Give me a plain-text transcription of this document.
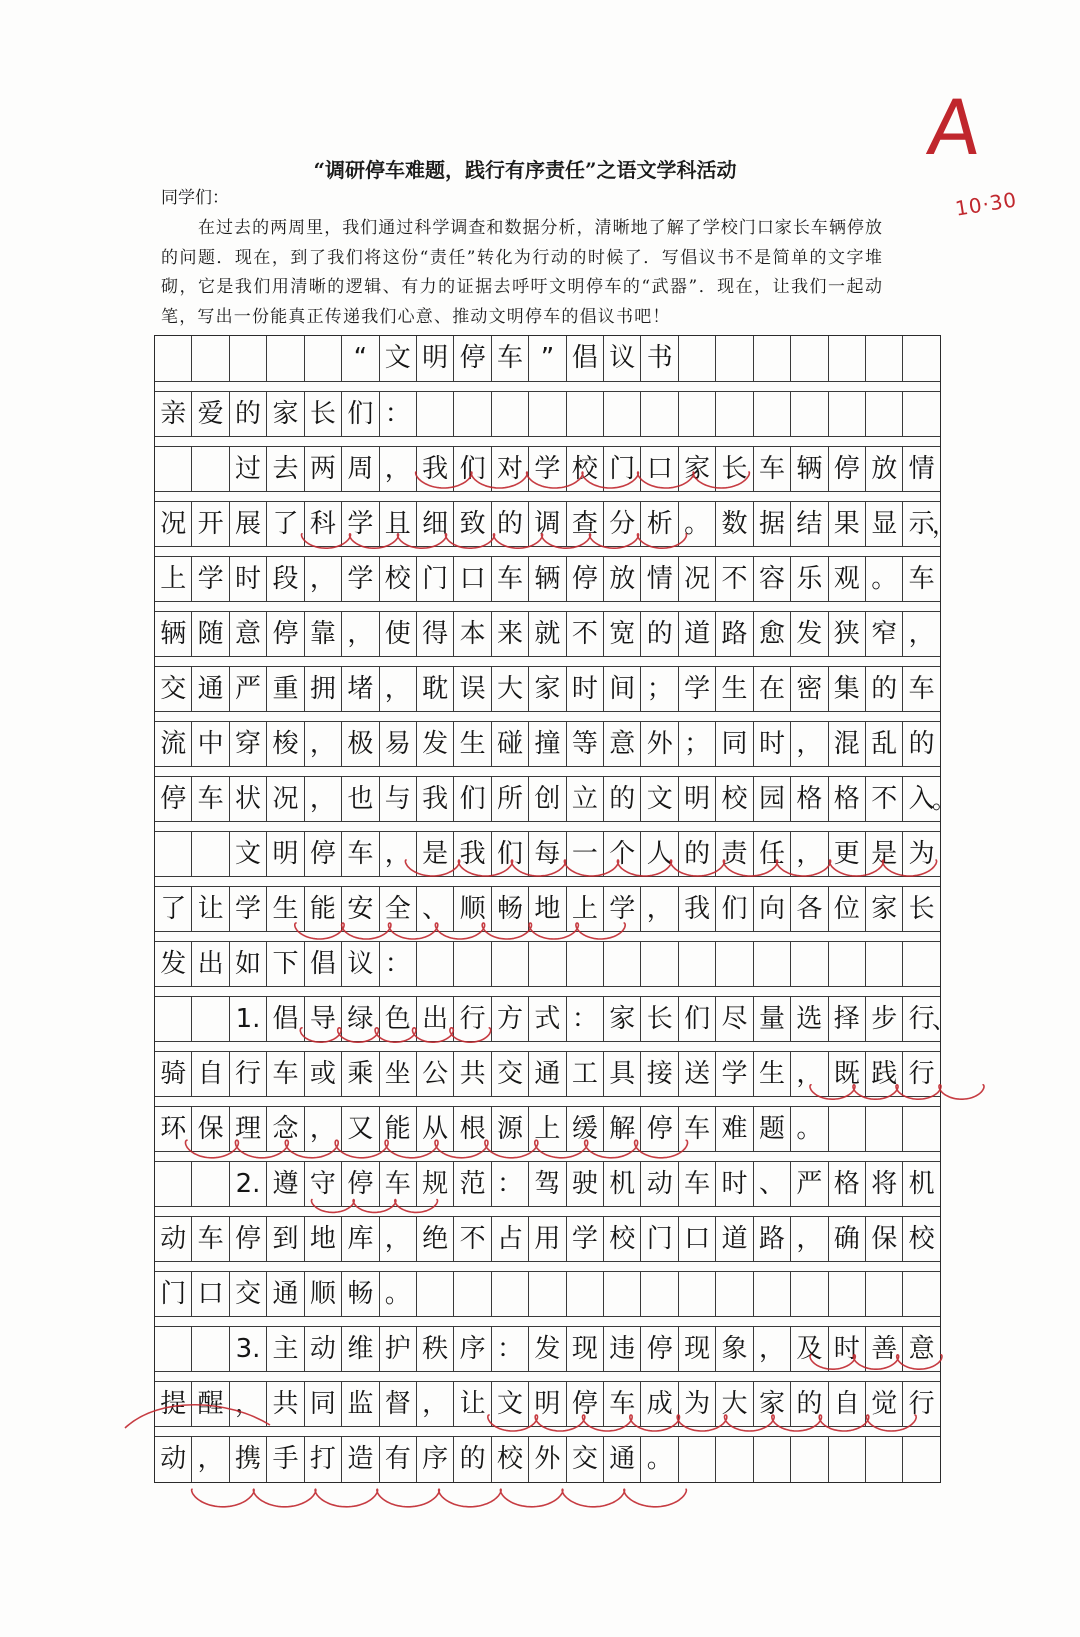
“调研停车难题，践行有序责任”之语文学科活动
同学们：
在过去的两周里，我们通过科学调查和数据分析，清晰地了解了学校门口家长车辆停放
的问题．现在，到了我们将这份“责任”转化为行动的时候了．写倡议书不是简单的文字堆
砌，它是我们用清晰的逻辑、有力的证据去呼吁文明停车的“武器”．现在，让我们一起动
笔，写出一份能真正传递我们心意、推动文明停车的倡议书吧！
A
10·30
“ 文 明 停 车 ” 倡 议 书
亲 爱 的 家 长 们 ：
过 去 两 周 ， 我 们 对 学 校 门 口 家 长 车 辆 停 放 情
况 开 展 了 科 学 且 细 致 的 调 查 分 析 。 数 据 结 果 显 示
，
上 学 时 段 ， 学 校 门 口 车 辆 停 放 情 况 不 容 乐 观 。 车
辆 随 意 停 靠 ， 使 得 本 来 就 不 宽 的 道 路 愈 发 狭 窄 ，
交 通 严 重 拥 堵 ， 耽 误 大 家 时 间 ； 学 生 在 密 集 的 车
流 中 穿 梭 ， 极 易 发 生 碰 撞 等 意 外 ； 同 时 ， 混 乱 的
停 车 状 况 ， 也 与 我 们 所 创 立 的 文 明 校 园 格 格 不 入
。
文 明 停 车 ， 是 我 们 每 一 个 人 的 责 任 ， 更 是 为
了 让 学 生 能 安 全 、 顺 畅 地 上 学 ， 我 们 向 各 位 家 长
发 出 如 下 倡 议 ：
1. 倡 导 绿 色 出 行 方 式 ： 家 长 们 尽 量 选 择 步 行
、
骑 自 行 车 或 乘 坐 公 共 交 通 工 具 接 送 学 生 ， 既 践 行
环 保 理 念 ， 又 能 从 根 源 上 缓 解 停 车 难 题 。
2. 遵 守 停 车 规 范 ： 驾 驶 机 动 车 时 、 严 格 将 机
动 车 停 到 地 库 ， 绝 不 占 用 学 校 门 口 道 路 ， 确 保 校
门 口 交 通 顺 畅 。
3. 主 动 维 护 秩 序 ： 发 现 违 停 现 象 ， 及 时 善 意
提 醒 ， 共 同 监 督 ， 让 文 明 停 车 成 为 大 家 的 自 觉 行
动 ， 携 手 打 造 有 序 的 校 外 交 通 。
